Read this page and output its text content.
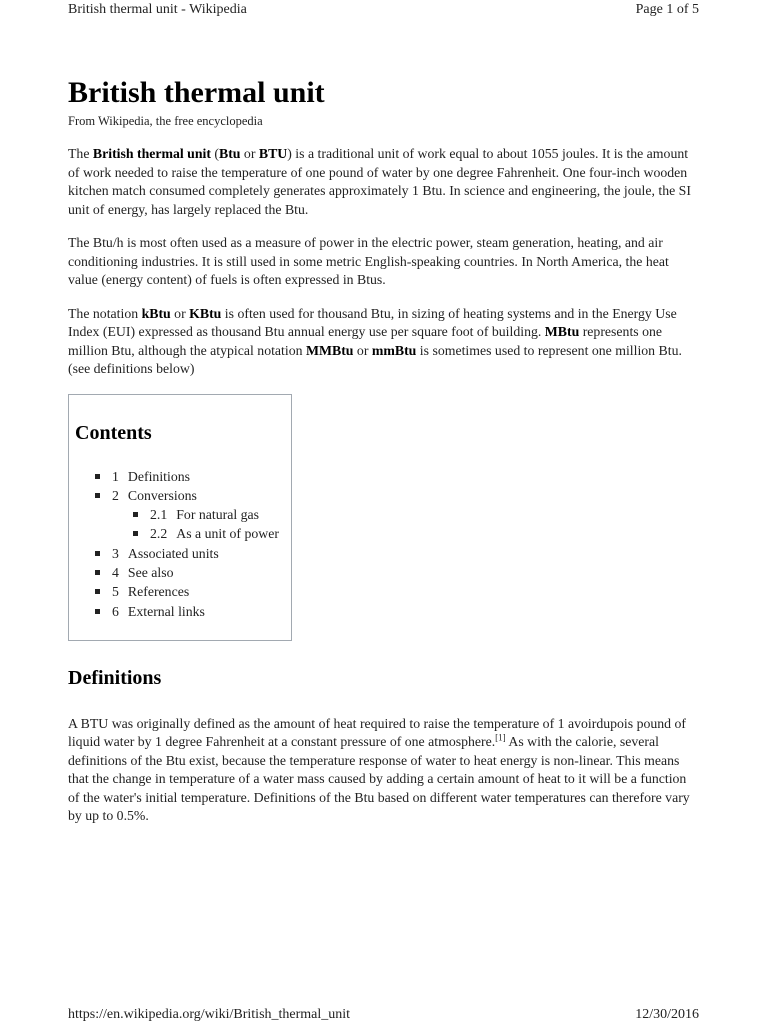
British thermal unit - Wikipedia	Page 1 of 5
British thermal unit

From Wikipedia, the free encyclopedia

The British thermal unit (Btu or BTU) is a traditional unit of work equal to about 1055 joules. It is the amount of work needed to raise the temperature of one pound of water by one degree Fahrenheit. One four-inch wooden kitchen match consumed completely generates approximately 1 Btu. In science and engineering, the joule, the SI unit of energy, has largely replaced the Btu.

The Btu/h is most often used as a measure of power in the electric power, steam generation, heating, and air conditioning industries. It is still used in some metric English-speaking countries. In North America, the heat value (energy content) of fuels is often expressed in Btus.

The notation kBtu or KBtu is often used for thousand Btu, in sizing of heating systems and in the Energy Use Index (EUI) expressed as thousand Btu annual energy use per square foot of building. MBtu represents one million Btu, although the atypical notation MMBtu or mmBtu is sometimes used to represent one million Btu.(see definitions below)

Contents
1 Definitions
2 Conversions
2.1 For natural gas
2.2 As a unit of power
3 Associated units
4 See also
5 References
6 External links
Definitions

A BTU was originally defined as the amount of heat required to raise the temperature of 1 avoirdupois pound of liquid water by 1 degree Fahrenheit at a constant pressure of one atmosphere.[1] As with the calorie, several definitions of the Btu exist, because the temperature response of water to heat energy is non-linear. This means that the change in temperature of a water mass caused by adding a certain amount of heat to it will be a function of the water's initial temperature. Definitions of the Btu based on different water temperatures can therefore vary by up to 0.5%.

https://en.wikipedia.org/wiki/British_thermal_unit	12/30/2016
